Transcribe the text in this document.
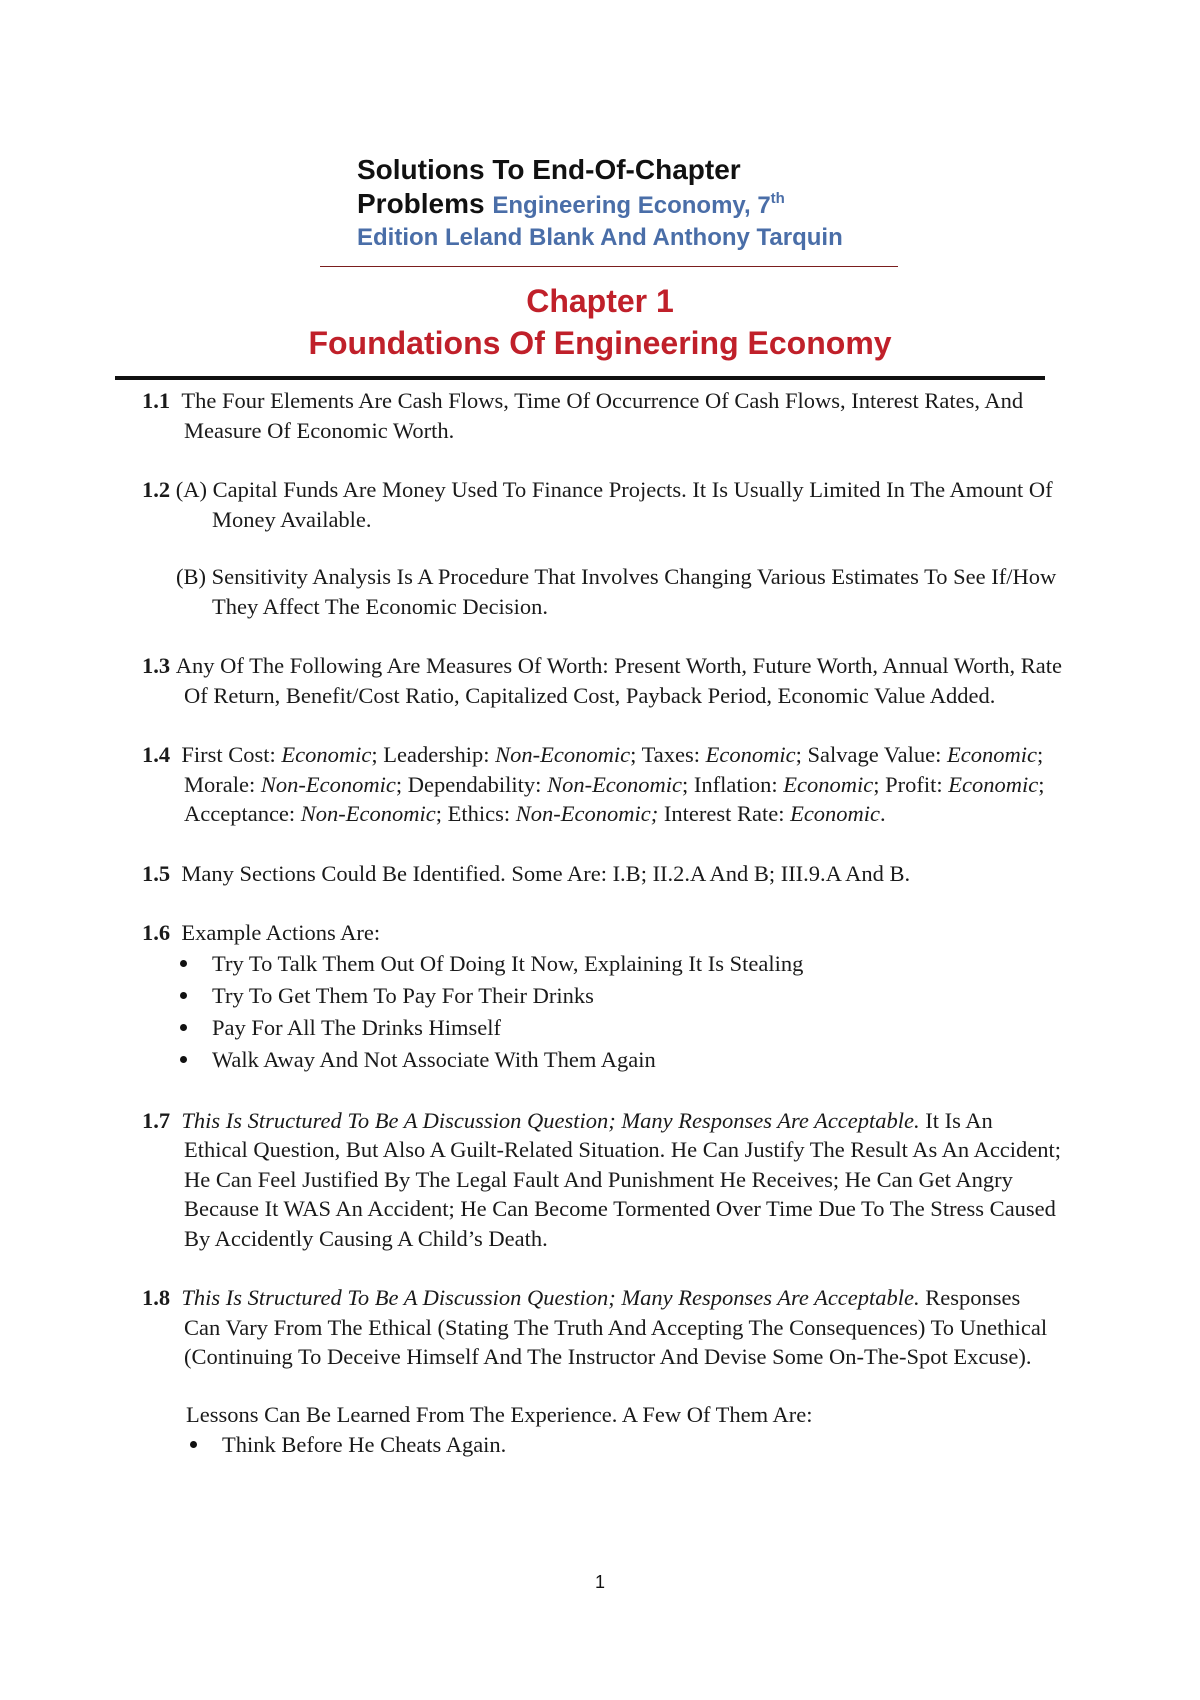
Solutions To End-Of-Chapter
Problems Engineering Economy, 7th
Edition Leland Blank And Anthony Tarquin
Chapter 1
Foundations Of Engineering Economy

1.1 The Four Elements Are Cash Flows, Time Of Occurrence Of Cash Flows, Interest Rates, And Measure Of Economic Worth.

1.2 (A) Capital Funds Are Money Used To Finance Projects. It Is Usually Limited In The Amount Of Money Available.

(B) Sensitivity Analysis Is A Procedure That Involves Changing Various Estimates To See If/How They Affect The Economic Decision.

1.3 Any Of The Following Are Measures Of Worth: Present Worth, Future Worth, Annual Worth, Rate Of Return, Benefit/Cost Ratio, Capitalized Cost, Payback Period, Economic Value Added.

1.4 First Cost: Economic; Leadership: Non-Economic; Taxes: Economic; Salvage Value: Economic; Morale: Non-Economic; Dependability: Non-Economic; Inflation: Economic; Profit: Economic; Acceptance: Non-Economic; Ethics: Non-Economic; Interest Rate: Economic.

1.5 Many Sections Could Be Identified. Some Are: I.B; II.2.A And B; III.9.A And B.

1.6 Example Actions Are:

Try To Talk Them Out Of Doing It Now, Explaining It Is Stealing
Try To Get Them To Pay For Their Drinks
Pay For All The Drinks Himself
Walk Away And Not Associate With Them Again

1.7 This Is Structured To Be A Discussion Question; Many Responses Are Acceptable. It Is An Ethical Question, But Also A Guilt-Related Situation. He Can Justify The Result As An Accident; He Can Feel Justified By The Legal Fault And Punishment He Receives; He Can Get Angry Because It WAS An Accident; He Can Become Tormented Over Time Due To The Stress Caused By Accidently Causing A Child’s Death.

1.8 This Is Structured To Be A Discussion Question; Many Responses Are Acceptable. Responses Can Vary From The Ethical (Stating The Truth And Accepting The Consequences) To Unethical (Continuing To Deceive Himself And The Instructor And Devise Some On-The-Spot Excuse).

Lessons Can Be Learned From The Experience. A Few Of Them Are:

Think Before He Cheats Again.
1
